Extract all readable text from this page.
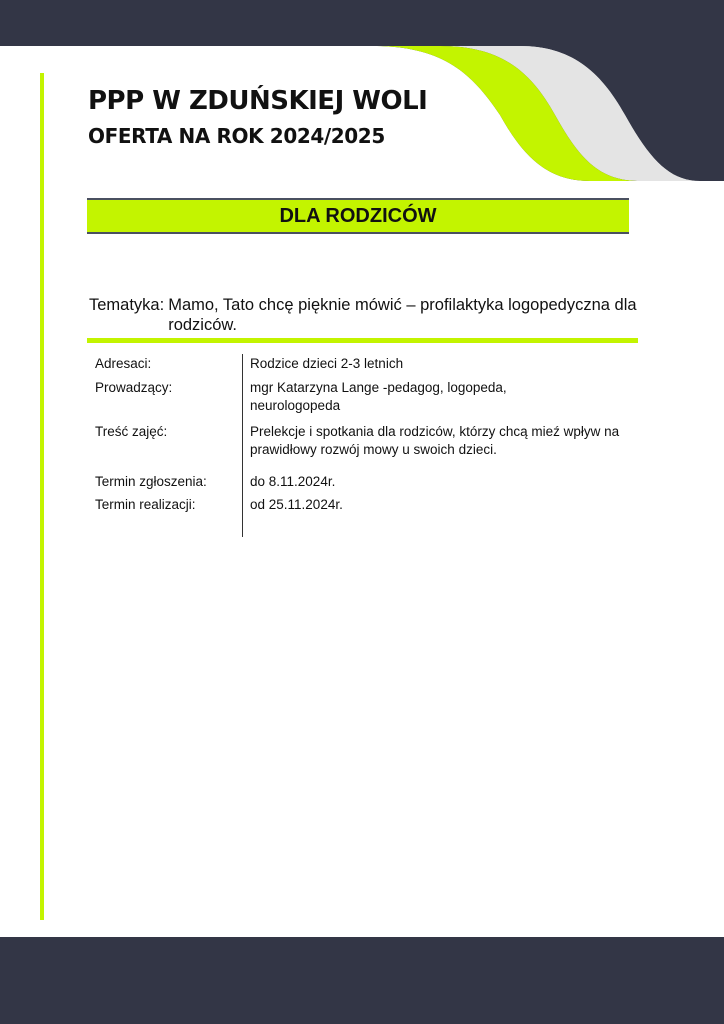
PPP W ZDUŃSKIEJ WOLI
OFERTA NA ROK 2024/2025
DLA RODZICÓW
Tematyka: Mamo, Tato chcę pięknie mówić – profilaktyka logopedyczna dla rodziców.
Adresaci:	Rodzice dzieci 2-3 letnich
Prowadzący:	mgr Katarzyna Lange -pedagog, logopeda, neurologopeda
Treść zajęć:	Prelekcje i spotkania dla rodziców, którzy chcą mieź wpływ na prawidłowy rozwój mowy u swoich dzieci.
Termin zgłoszenia:	do 8.11.2024r.
Termin realizacji:	od 25.11.2024r.
